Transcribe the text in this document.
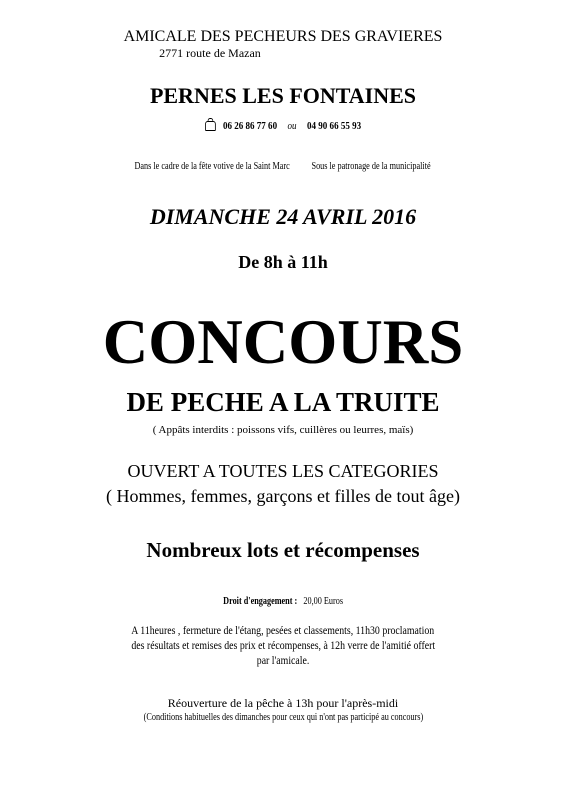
AMICALE DES PECHEURS DES GRAVIERES
2771 route de Mazan
PERNES LES FONTAINES
06 26 86 77 60 ou 04 90 66 55 93
Dans le cadre de la fête votive de la Saint Marc Sous le patronage de la municipalité
DIMANCHE 24 AVRIL 2016
De 8h à 11h
CONCOURS
DE PECHE A LA TRUITE
( Appâts interdits : poissons vifs, cuillères ou leurres, maïs)
OUVERT A TOUTES LES CATEGORIES
( Hommes, femmes, garçons et filles de tout âge)
Nombreux lots et récompenses
Droit d'engagement : 20,00 Euros
A 11heures , fermeture de l'étang, pesées et classements, 11h30 proclamation
des résultats et remises des prix et récompenses, à 12h verre de l'amitié offert
par l'amicale.
Réouverture de la pêche à 13h pour l'après-midi
(Conditions habituelles des dimanches pour ceux qui n'ont pas participé au concours)
